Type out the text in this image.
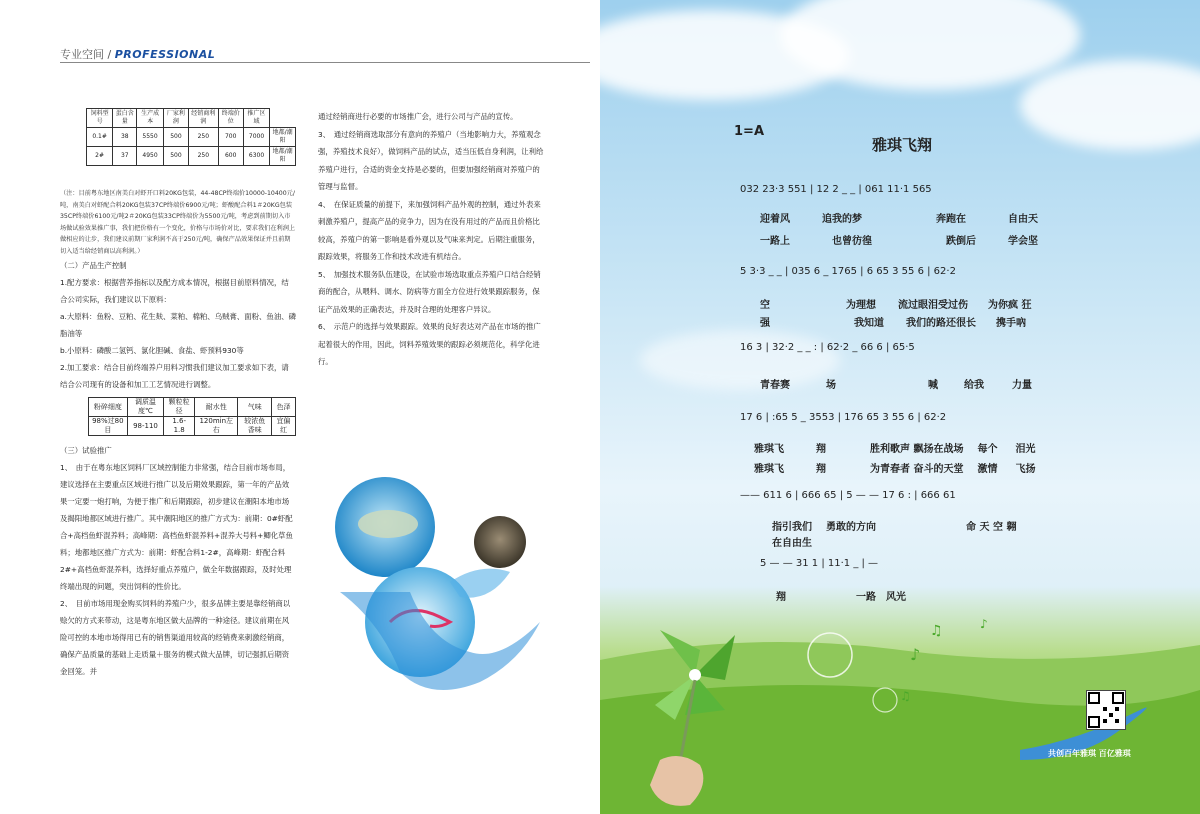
专业空间 / PROFESSIONAL
饲料型号	蛋白含量	生产成本	厂家利润	经销商利润	终端价位	推广区域	
0.1#	38	5550	500	250	700	7000	地都/潮阳
2#	37	4950	500	250	600	6300	地都/潮阳

（注：目前粤东地区南美白对虾开口料20KG包装，44-48CP终端价10000-10400元/吨，南美白对虾配合料20KG包装37CP终端价6900元/吨；虾酸配合料1＃20KG包装35CP终端价6100元/吨2＃20KG包装33CP终端价为5500元/吨，考虑到前期切入市场做试验效果推广事，我们把价格有一个变化，价格与市场价对比，要求我们在利润上做相应的让步，我们建议前期厂家利润不高于250元/吨，确保产品效果保证并且前期切入适当给经销商以高利润。）

（二）产品生产控制

1.配方要求：根据营养指标以及配方成本情况，根据目前原料情况，结合公司实际，我们建议以下原料：

a.大原料：鱼粉、豆粕、花生麸、菜粕、棉粕、乌贼膏、面粉、鱼油、磷脂油等

b.小原料：磷酸二氢钙、氯化胆碱、食盐、虾预料930等

2.加工要求：结合目前终端养户用料习惯我们建议加工要求如下表，请结合公司现有的设备和加工工艺情况进行调整。

粉碎细度	调质温度℃	颗粒粒径	耐水性	气味	色泽
98%过80目	98-110	1.6-1.8	120min左右	较浓鱼香味	宜偏红

（三）试验推广

1、　由于在粤东地区饲料厂区域控制能力非常强，结合目前市场布局，建议选择在主要重点区域进行推广以及后期效果跟踪，第一年的产品效果一定要一炮打响，为便于推广和后期跟踪，初步建议在潮阳本地市场及揭阳地都区域进行推广。其中潮阳地区的推广方式为：前期：0#虾配合+高档鱼虾混养料；高峰期：高档鱼虾混养料+混养大号料+鲫化草鱼料；地都地区推广方式为：前期：虾配合料1-2#，高峰期：虾配合料2#+高档鱼虾混养料，选择好重点养殖户，做全年数据跟踪，及时处理终端出现的问题，突出饲料的性价比。

2、　目前市场用现金购买饲料的养殖户少，很多品牌主要是靠经销商以赊欠的方式来带动，这是粤东地区做大品牌的一种途径。建议前期在风险可控的本地市场得用已有的销售渠道用较高的经销费来刺激经销商，确保产品质量的基础上走质量＋服务的模式做大品牌，切记强抓后期资金回笼。并

通过经销商进行必要的市场推广会，进行公司与产品的宣传。

3、　通过经销商选取部分有意向的养殖户（当地影响力大，养殖观念强，养殖技术良好），做饲料产品的试点，适当压低自身利润，让利给养殖户进行，合适的资金支持是必要的，但要加强经销商对养殖户的管理与监督。

4、　在保证质量的前提下，来加强饲料产品外观的控制，通过外表来刺激养殖户，提高产品的竞争力，因为在没有用过的产品而且价格比较高，养殖户的第一影响是看外观以及气味来判定。后期注重服务，跟踪效果，将服务工作和技术改进有机结合。

5、　加强技术服务队伍建设，在试验市场选取重点养殖户口结合经销商的配合，从喂料、调水、防病等方面全方位进行效果跟踪服务，保证产品效果的正确表达，并及时合理的处理客户异议。

6、　示范户的选择与效果跟踪。效果的良好表达对产品在市场的推广起着很大的作用，因此，饲料养殖效果的跟踪必须规范化，科学化进行。

1=A
雅琪飞翔
032 23·3 551 | 12 2 _ _ | 061 11·1 565
迎着风	追我的梦	奔跑在	自由天
一路上	也曾彷徨	跌倒后	学会坚
5 3·3 _ _ | 035 6 _ 1765 | 6 65 3 55 6 | 62·2
空	为理想 流过眼泪受过伤 为你疯 狂
强	我知道 我们的路还很长 携手吶
16 3 | 32·2 _ _ : | 62·2 _ 66 6 | 65·5
青春赛	场	喊	给我	力量
17 6 | :65 5 _ 3553 | 176 65 3 55 6 | 62·2
雅琪飞	翔	胜利歌声 飘扬在战场 每个 泪光
雅琪飞	翔	为青春者 奋斗的天堂 激情 飞扬
—— 611 6 | 666 65 | 5 — — 17 6 : | 666 61
指引我们 勇敢的方向	命 天 空 翱
在自由生
5 — — 31 1 | 11·1 _ | —
翔	一路 风光
♪
♫	♪
♫
共创百年雅琪 百亿雅琪
